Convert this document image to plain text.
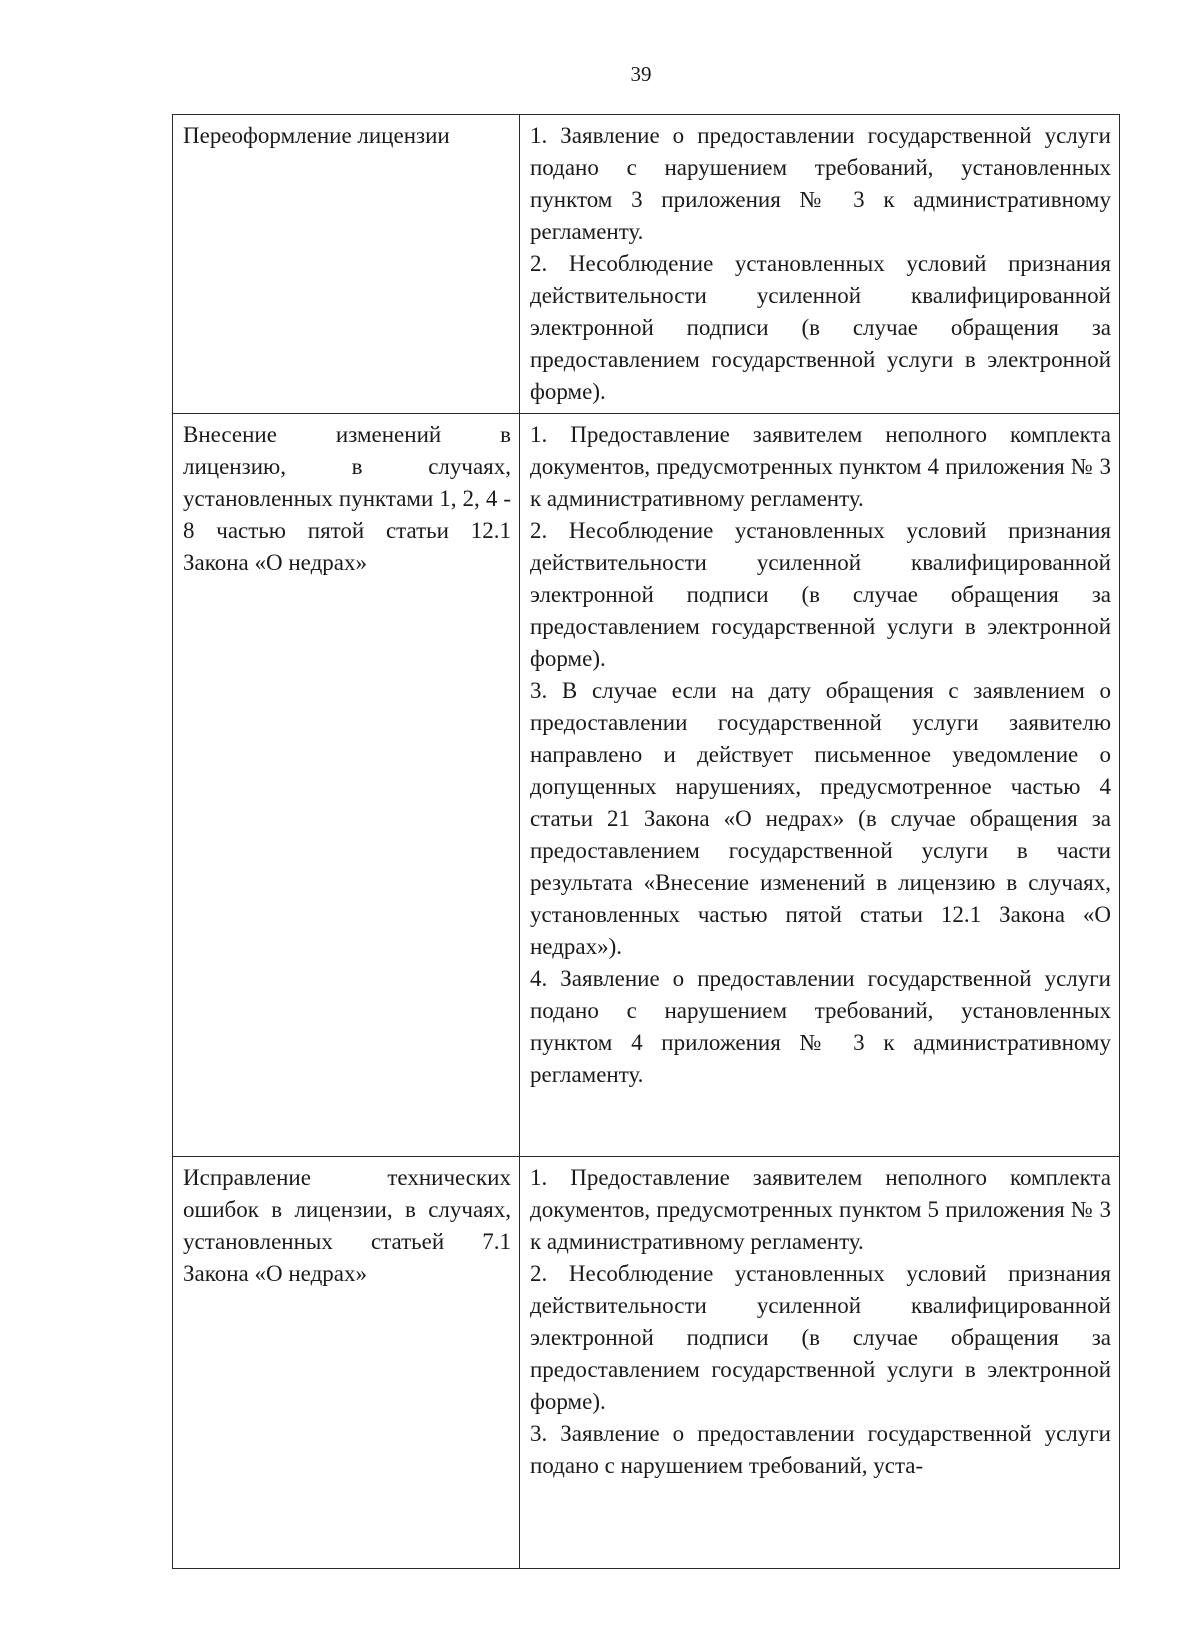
39

Переоформление лицензии	1. Заявление о предоставлении государственной услуги подано с нарушением требований, установленных пунктом 3 приложения № 3 к административному регламенту.

2. Несоблюдение установленных условий признания действительности усиленной квалифицированной электронной подписи (в случае обращения за предоставлением государственной услуги в электронной форме).

Внесение изменений в лицензию, в случаях, установленных пунктами 1, 2, 4 - 8 частью пятой статьи 12.1 Закона «О недрах»	1. Предоставление заявителем неполного комплекта документов, предусмотренных пунктом 4 приложения № 3 к административному регламенту.

2. Несоблюдение установленных условий признания действительности усиленной квалифицированной электронной подписи (в случае обращения за предоставлением государственной услуги в электронной форме).

3. В случае если на дату обращения с заявлением о предоставлении государственной услуги заявителю направлено и действует письменное уведомление о допущенных нарушениях, предусмотренное частью 4 статьи 21 Закона «О недрах» (в случае обращения за предоставлением государственной услуги в части результата «Внесение изменений в лицензию в случаях, установленных частью пятой статьи 12.1 Закона «О недрах»).

4. Заявление о предоставлении государственной услуги подано с нарушением требований, установленных пунктом 4 приложения № 3 к административному регламенту.

Исправление технических ошибок в лицензии, в случаях, установленных статьей 7.1 Закона «О недрах»	1. Предоставление заявителем неполного комплекта документов, предусмотренных пунктом 5 приложения № 3 к административному регламенту.

2. Несоблюдение установленных условий признания действительности усиленной квалифицированной электронной подписи (в случае обращения за предоставлением государственной услуги в электронной форме).

3. Заявление о предоставлении государственной услуги подано с нарушением требований, уста-
